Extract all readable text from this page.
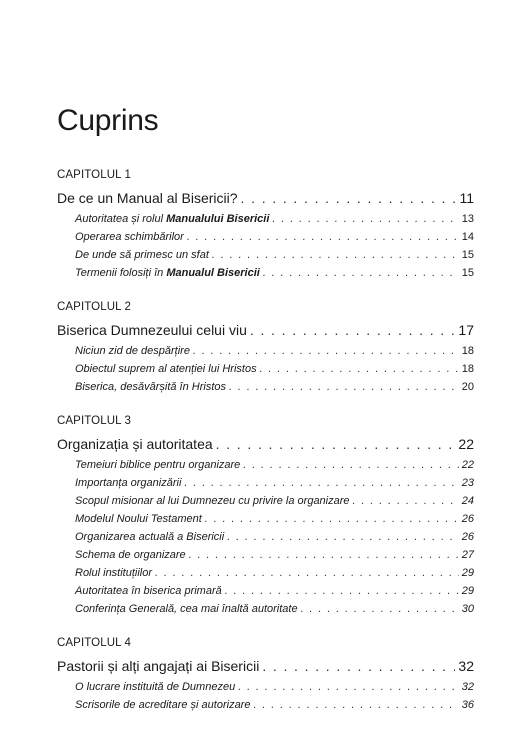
Cuprins
CAPITOLUL 1
De ce un Manual al Bisericii? . . .	11
Autoritatea și rolul Manualului Bisericii . . .	13
Operarea schimbărilor . . .	14
De unde să primesc un sfat . . .	15
Termenii folosiți în Manualul Bisericii . . .	15
CAPITOLUL 2
Biserica Dumnezeului celui viu . . .	17
Niciun zid de despărțire . . .	18
Obiectul suprem al atenției lui Hristos . . .	18
Biserica, desăvârșită în Hristos . . .	20
CAPITOLUL 3
Organizația și autoritatea . . .	22
Temeiuri biblice pentru organizare . . .	22
Importanța organizării . . .	23
Scopul misionar al lui Dumnezeu cu privire la organizare . . .	24
Modelul Noului Testament . . .	26
Organizarea actuală a Bisericii . . .	26
Schema de organizare . . .	27
Rolul instituțiilor . . .	29
Autoritatea în biserica primară . . .	29
Conferința Generală, cea mai înaltă autoritate . . .	30
CAPITOLUL 4
Pastorii și alți angajați ai Bisericii . . .	32
O lucrare instituită de Dumnezeu . . .	32
Scrisorile de acreditare și autorizare . . .	36
